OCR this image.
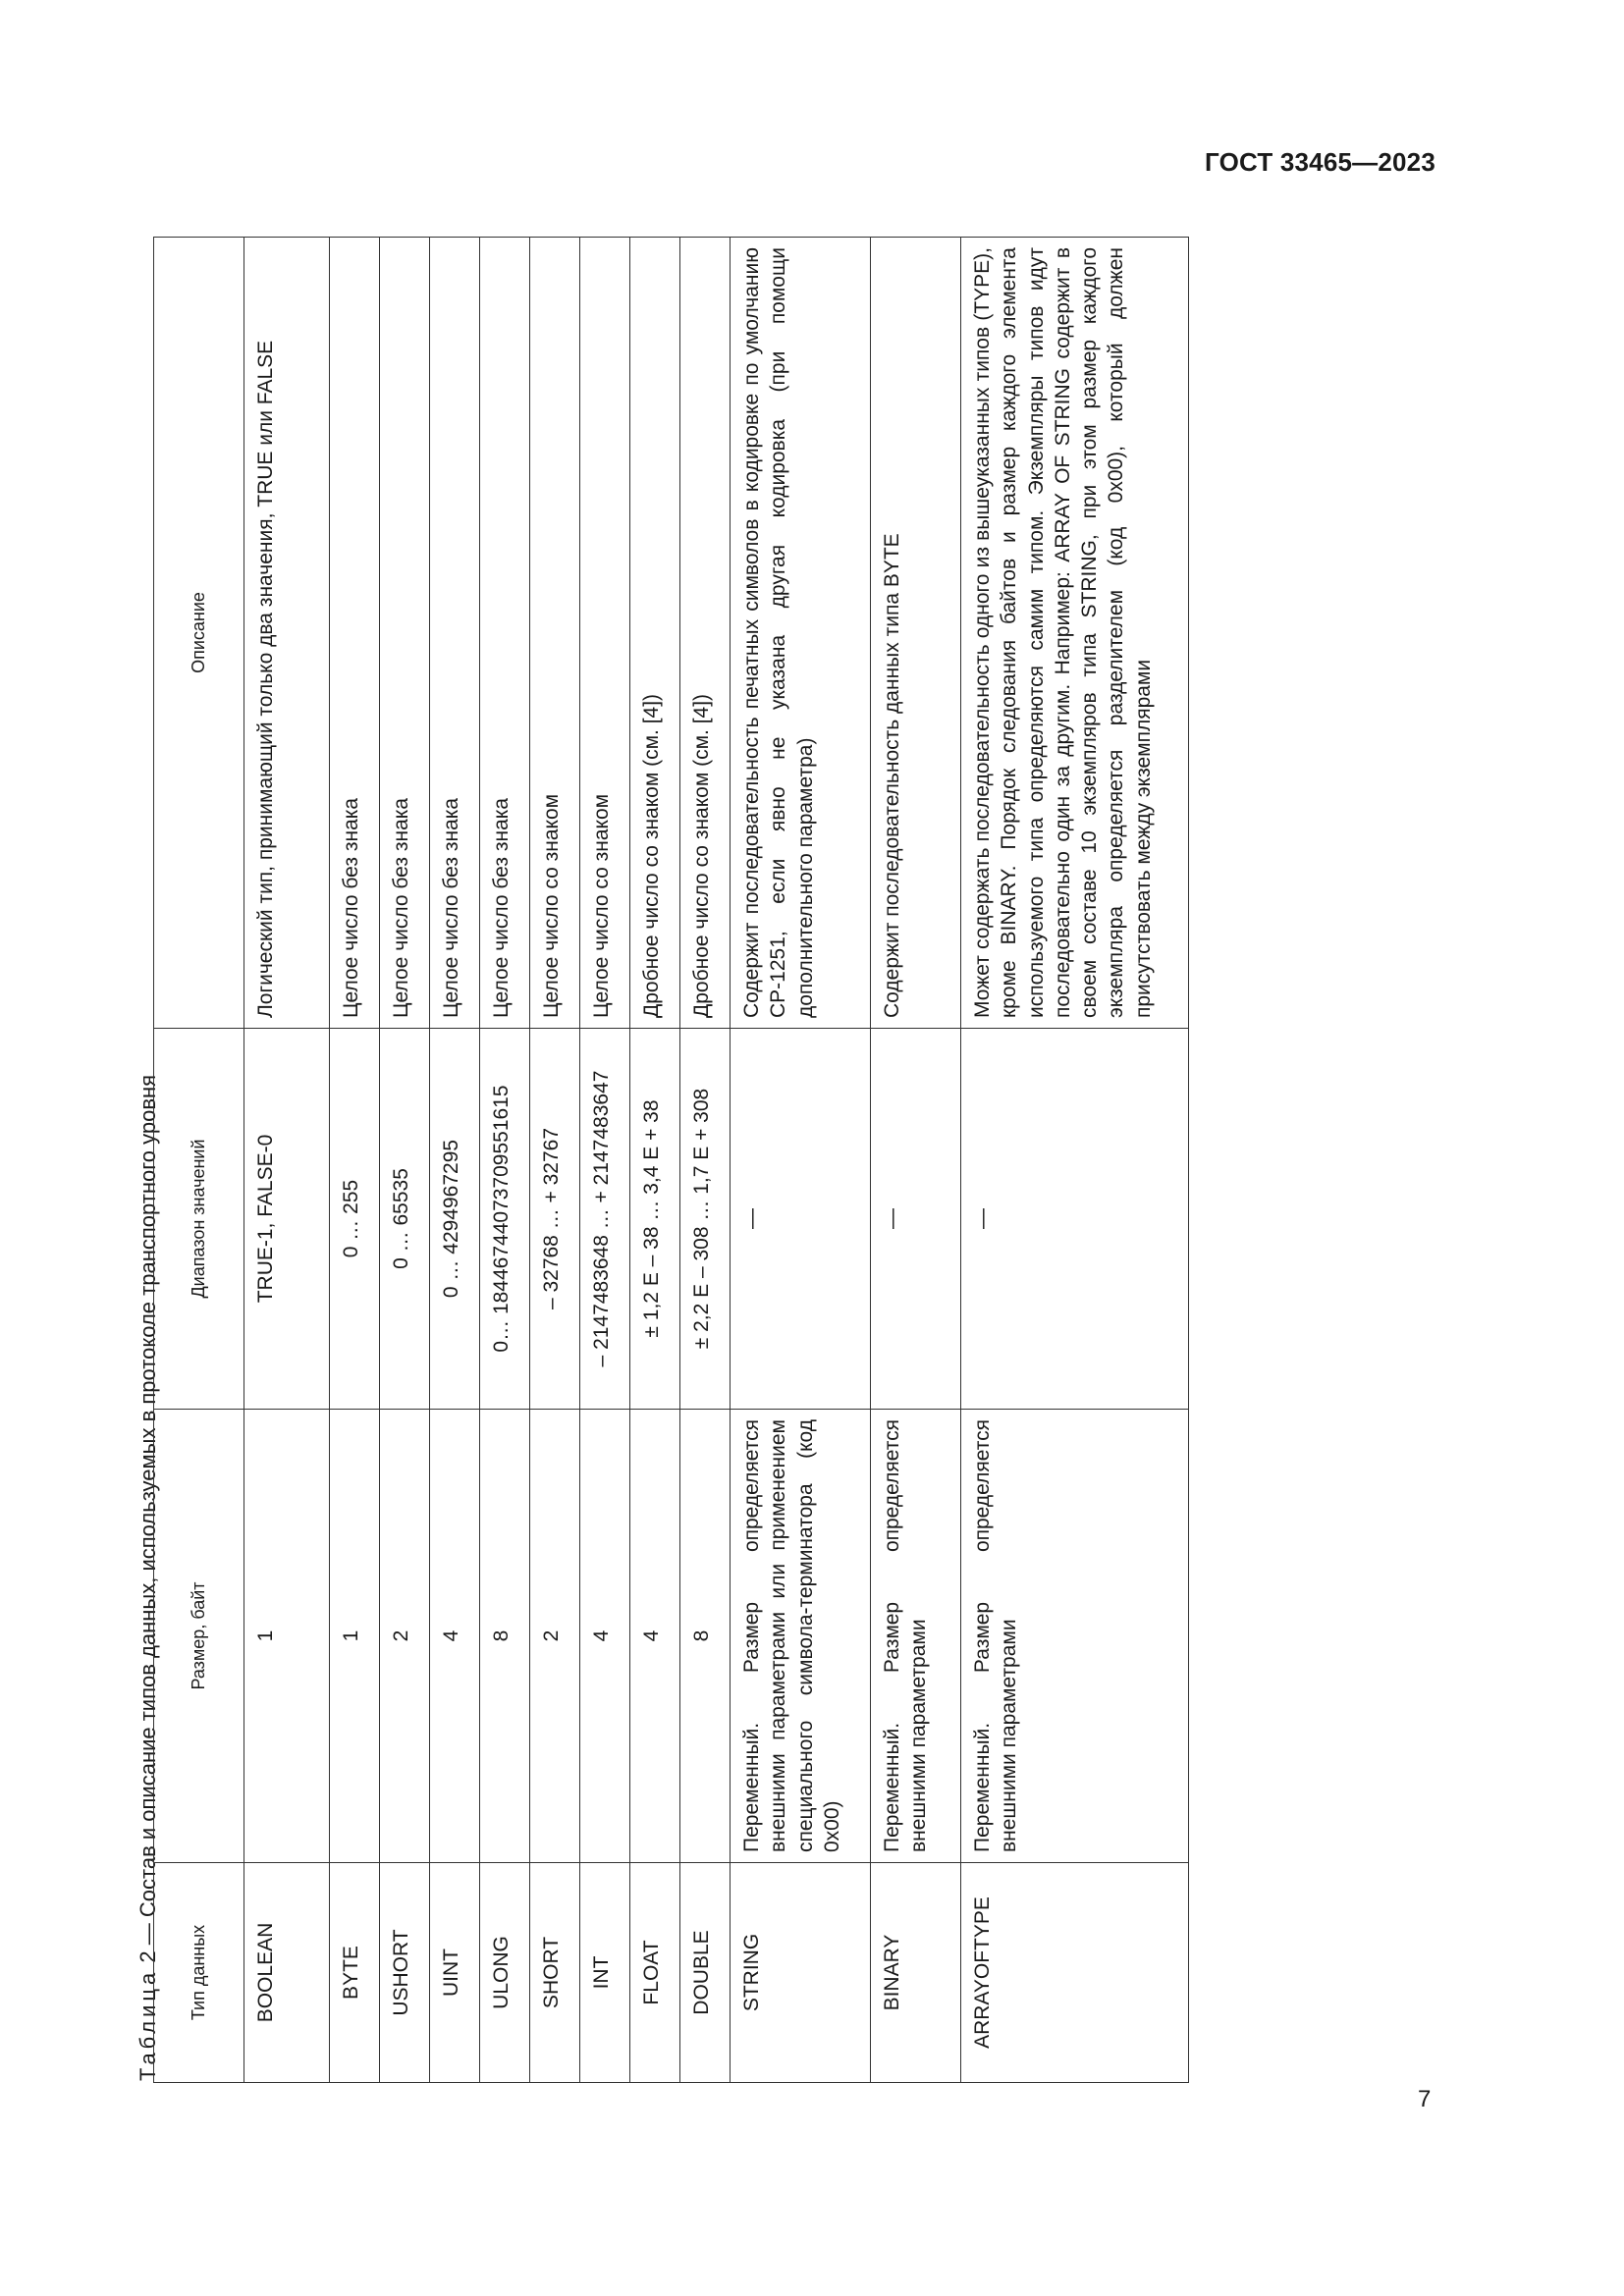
ГОСТ 33465—2023
Таблица 2 — Состав и описание типов данных, используемых в протоколе транспортного уровня
Тип данных	Размер, байт	Диапазон значений	Описание
BOOLEAN	1	TRUE-1, FALSE-0	Логический тип, принимающий только два значения, TRUE или FALSE
BYTE	1	0 … 255	Целое число без знака
USHORT	2	0 … 65535	Целое число без знака
UINT	4	0 … 4294967295	Целое число без знака
ULONG	8	0… 18446744073709551615	Целое число без знака
SHORT	2	– 32768 … + 32767	Целое число со знаком
INT	4	– 2147483648 … + 2147483647	Целое число со знаком
FLOAT	4	± 1,2 E – 38 … 3,4 E + 38	Дробное число со знаком (см. [4])
DOUBLE	8	± 2,2 E – 308 … 1,7 E + 308	Дробное число со знаком (см. [4])
STRING	Переменный. Размер определяется внешними параметрами или применением специального символа-терминатора (код 0x00)	—	Содержит последовательность печатных символов в кодировке по умолчанию CP-1251, если явно не указана другая кодировка (при помощи дополнительного параметра)
BINARY	Переменный. Размер определяется внешними параметрами	—	Содержит последовательность данных типа BYTE
ARRAYOFTYPE	Переменный. Размер определяется внешними параметрами	—	Может содержать последовательность одного из вышеуказанных типов (TYPE), кроме BINARY. Порядок следования байтов и размер каждого элемента используемого типа определяются самим типом. Экземпляры типов идут последовательно один за другим. Например: ARRAY OF STRING содержит в своем составе 10 экземпляров типа STRING, при этом размер каждого экземпляра определяется разделителем (код 0x00), который должен присутствовать между экземплярами
7
